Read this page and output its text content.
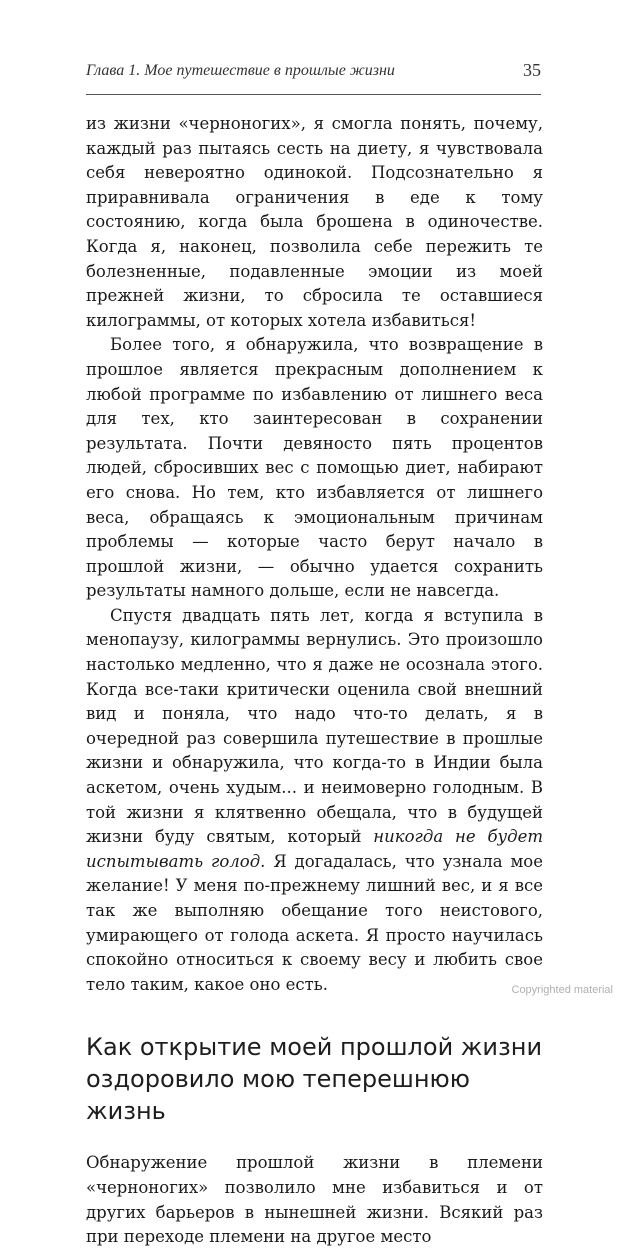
Глава 1. Мое путешествие в прошлые жизни	35

из жизни «черноногих», я смогла понять, почему, каждый раз пытаясь сесть на диету, я чувствовала себя невероятно одинокой. Подсознательно я приравнивала ограничения в еде к тому состоянию, когда была брошена в одиночестве. Когда я, наконец, позволила себе пережить те болезненные, подавленные эмоции из моей прежней жизни, то сбросила те оставшиеся килограммы, от которых хотела избавиться!

Более того, я обнаружила, что возвращение в прошлое является прекрасным дополнением к любой программе по избавлению от лишнего веса для тех, кто заинтересован в сохранении результата. Почти девяносто пять процентов людей, сбросивших вес с помощью диет, набирают его снова. Но тем, кто избавляется от лишнего веса, обращаясь к эмоциональным причинам проблемы — которые часто берут начало в прошлой жизни, — обычно удается сохранить результаты намного дольше, если не навсегда.

Спустя двадцать пять лет, когда я вступила в менопаузу, килограммы вернулись. Это произошло настолько медленно, что я даже не осознала этого. Когда все-таки критически оценила свой внешний вид и поняла, что надо что-то делать, я в очередной раз совершила путешествие в прошлые жизни и обнаружила, что когда-то в Индии была аскетом, очень худым... и неимоверно голодным. В той жизни я клятвенно обещала, что в будущей жизни буду святым, который никогда не будет испытывать голод. Я догадалась, что узнала мое желание! У меня по-прежнему лишний вес, и я все так же выполняю обещание того неистового, умирающего от голода аскета. Я просто научилась спокойно относиться к своему весу и любить свое тело таким, какое оно есть.

Как открытие моей прошлой жизни
оздоровило мою теперешнюю жизнь

Обнаружение прошлой жизни в племени «черноногих» позволило мне избавиться и от других барьеров в нынешней жизни. Всякий раз при переходе племени на другое место

Copyrighted material
